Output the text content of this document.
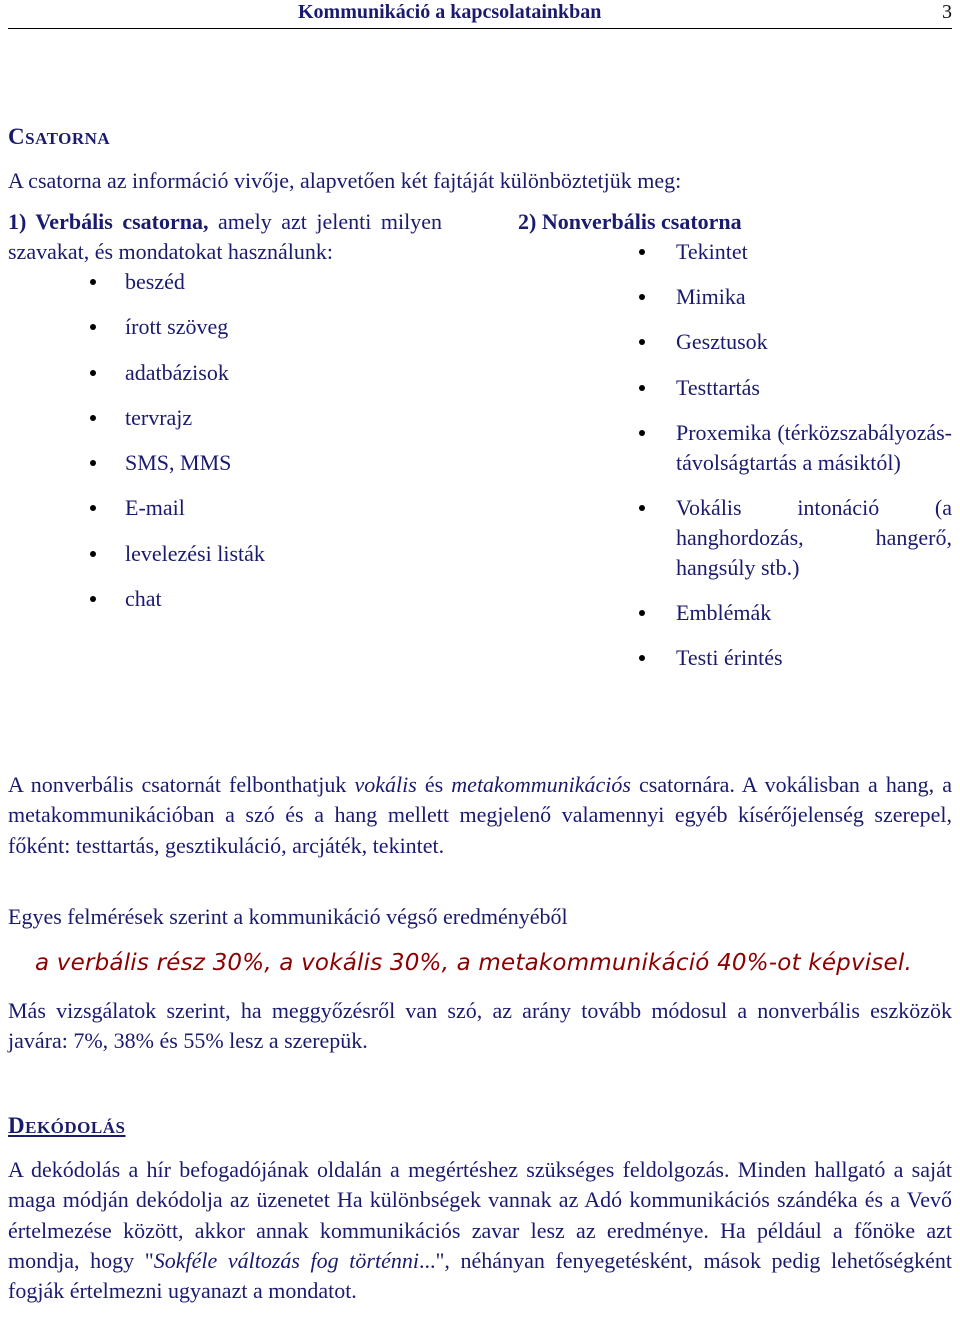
Kommunikáció a kapcsolatainkban	3
CSATORNA
A csatorna az információ vivője, alapvetően két fajtáját különböztetjük meg:
1) Verbális csatorna, amely azt jelenti milyen szavakat, és mondatokat használunk:
beszéd
írott szöveg
adatbázisok
tervrajz
SMS, MMS
E-mail
levelezési listák
chat
2) Nonverbális csatorna
Tekintet
Mimika
Gesztusok
Testtartás
Proxemika (térközszabályozás-távolságtartás a másiktól)
Vokális intonáció (a hanghordozás, hangerő, hangsúly stb.)
Emblémák
Testi érintés
A nonverbális csatornát felbonthatjuk vokális és metakommunikációs csatornára. A vokálisban a hang, a metakommunikációban a szó és a hang mellett megjelenő valamennyi egyéb kísérőjelenség szerepel, főként: testtartás, gesztikuláció, arcjáték, tekintet.
Egyes felmérések szerint a kommunikáció végső eredményéből
a verbális rész 30%, a vokális 30%, a metakommunikáció 40%-ot képvisel.
Más vizsgálatok szerint, ha meggyőzésről van szó, az arány tovább módosul a nonverbális eszközök javára: 7%, 38% és 55% lesz a szerepük.
DEKÓDOLÁS
A dekódolás a hír befogadójának oldalán a megértéshez szükséges feldolgozás. Minden hallgató a saját maga módján dekódolja az üzenetet Ha különbségek vannak az Adó kommunikációs szándéka és a Vevő értelmezése között, akkor annak kommunikációs zavar lesz az eredménye. Ha például a főnöke azt mondja, hogy "Sokféle változás fog történni...", néhányan fenyegetésként, mások pedig lehetőségként fogják értelmezni ugyanazt a mondatot.
